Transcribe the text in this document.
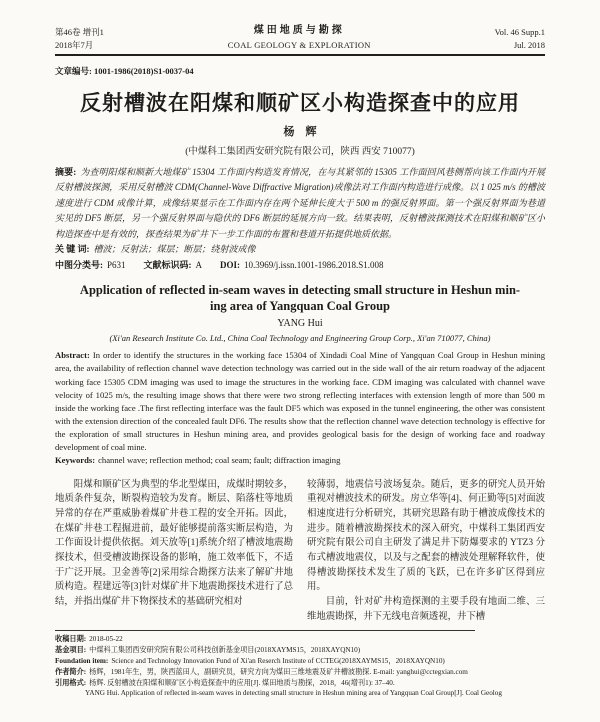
第46卷 增刊1
2018年7月
煤田地质与勘探
COAL GEOLOGY & EXPLORATION
Vol. 46 Supp.1
Jul. 2018
文章编号: 1001-1986(2018)S1-0037-04
反射槽波在阳煤和顺矿区小构造探查中的应用
杨　辉
(中煤科工集团西安研究院有限公司，陕西 西安 710077)

摘要: 为查明阳煤和顺新大地煤矿 15304 工作面内构造发育情况，在与其紧邻的 15305 工作面回风巷侧帮向该工作面内开展反射槽波探测，采用反射槽波 CDM(Channel-Wave Diffractive Migration)成像法对工作面内构造进行成像。以 1 025 m/s 的槽波速度进行 CDM 成像计算，成像结果显示在工作面内存在两个延伸长度大于 500 m 的强反射界面。第一个强反射界面为巷道实见的 DF5 断层，另一个强反射界面与隐伏的 DF6 断层的延展方向一致。结果表明，反射槽波探测技术在阳煤和顺矿区小构造探查中是有效的，探查结果为矿井下一步工作面的布置和巷道开拓提供地质依据。

关 键 词: 槽波；反射法；煤层；断层；绕射波成像

中图分类号: P631 文献标识码: A DOI: 10.3969/j.issn.1001-1986.2018.S1.008

Application of reflected in-seam waves in detecting small structure in Heshun min-
ing area of Yangquan Coal Group
YANG Hui
(Xi'an Research Institute Co. Ltd., China Coal Technology and Engineering Group Corp., Xi'an 710077, China)

Abstract: In order to identify the structures in the working face 15304 of Xindadi Coal Mine of Yangquan Coal Group in Heshun mining area, the availability of reflection channel wave detection technology was carried out in the side wall of the air return roadway of the adjacent working face 15305 CDM imaging was used to image the structures in the working face. CDM imaging was calculated with channel wave velocity of 1025 m/s, the resulting image shows that there were two strong reflecting interfaces with extension length of more than 500 m inside the working face .The first reflecting interface was the fault DF5 which was exposed in the tunnel engineering, the other was consistent with the extension direction of the concealed fault DF6. The results show that the reflection channel wave detection technology is effective for the exploration of small structures in Heshun mining area, and provides geological basis for the design of working face and roadway development of coal mine.

Keywords: channel wave; reflection method; coal seam; fault; diffraction imaging

阳煤和顺矿区为典型的华北型煤田，成煤时期较多，地质条件复杂，断裂构造较为发育。断层、陷落柱等地质异常的存在严重威胁着煤矿井巷工程的安全开拓。因此，在煤矿井巷工程掘进前，最好能够提前落实断层构造，为工作面设计提供依据。刘天放等[1]系统介绍了槽波地震勘探技术，但受槽波勘探设备的影响，施工效率低下，不适于广泛开展。卫金善等[2]采用综合勘探方法来了解矿井地质构造。程建远等[3]针对煤矿井下地震勘探技术进行了总结，并指出煤矿井下物探技术的基础研究相对

较薄弱，地震信号波场复杂。随后，更多的研究人员开始重视对槽波技术的研发。房立华等[4]、何正勤等[5]对面波相速度进行分析研究，其研究思路有助于槽波成像技术的进步。随着槽波勘探技术的深入研究，中煤科工集团西安研究院有限公司自主研发了满足井下防爆要求的 YTZ3 分布式槽波地震仪，以及与之配套的槽波处理解释软件，使得槽波勘探技术发生了质的飞跃，已在许多矿区得到应用。

目前，针对矿井构造探测的主要手段有地面二维、三维地震勘探，井下无线电音频透视，井下槽

收稿日期: 2018-05-22
基金项目: 中煤科工集团西安研究院有限公司科技创新基金项目(2018XAYMS15，2018XAYQN10)
Foundation item: Science and Technology Innovation Fund of Xi'an Reserch Institute of CCTEG(2018XAYMS15，2018XAYQN10)
作者简介: 杨辉，1981年生，男，陕西蓝田人，副研究员，研究方向为煤田三维地震及矿井槽波勘探. E-mail: yanghui@cctegxian.com
引用格式: 杨辉. 反射槽波在阳煤和顺矿区小构造探查中的应用[J]. 煤田地质与勘探，2018，46(增刊1): 37–40.
YANG Hui. Application of reflected in-seam waves in detecting small structure in Heshun mining area of Yangquan Coal Group[J]. Coal Geolog
